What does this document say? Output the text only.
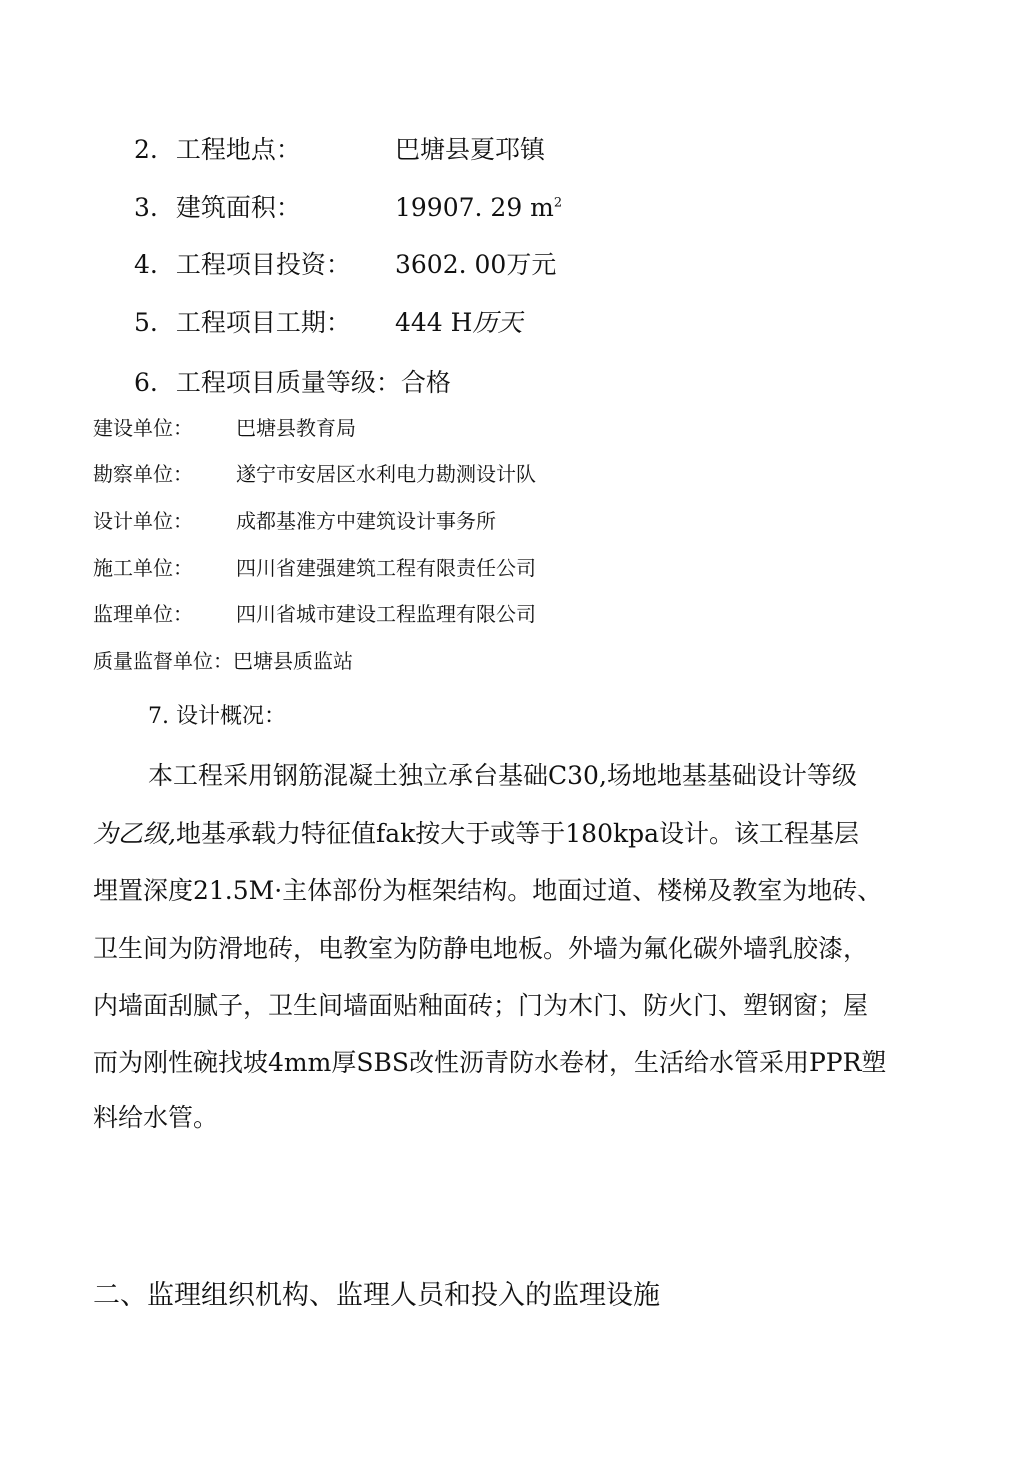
2. 工程地点：	巴塘县夏邛镇
3. 建筑面积：	19907. 29 $m^2$
4. 工程项目投资： 3602. 00万元
5. 工程项目工期： 444 H历天
6. 工程项目质量等级：合格
建设单位： 巴塘县教育局
勘察单位： 遂宁市安居区水利电力勘测设计队
设计单位： 成都基准方中建筑设计事务所
施工单位： 四川省建强建筑工程有限责任公司
监理单位： 四川省城市建设工程监理有限公司
质量监督单位：巴塘县质监站
7. 设计概况：
本工程采用钢筋混凝土独立承台基础C30,场地地基基础设计等级
为乙级,地基承载力特征值fak按大于或等于180kpa设计。该工程基层
埋置深度21.5M·主体部份为框架结构。地面过道、楼梯及教室为地砖、
卫生间为防滑地砖，电教室为防静电地板。外墙为氟化碳外墙乳胶漆，
内墙面刮腻子，卫生间墙面贴釉面砖；门为木门、防火门、塑钢窗；屋
而为刚性碗找坡4mm厚SBS改性沥青防水卷材，生活给水管采用PPR塑
料给水管。
二、监理组织机构、监理人员和投入的监理设施
